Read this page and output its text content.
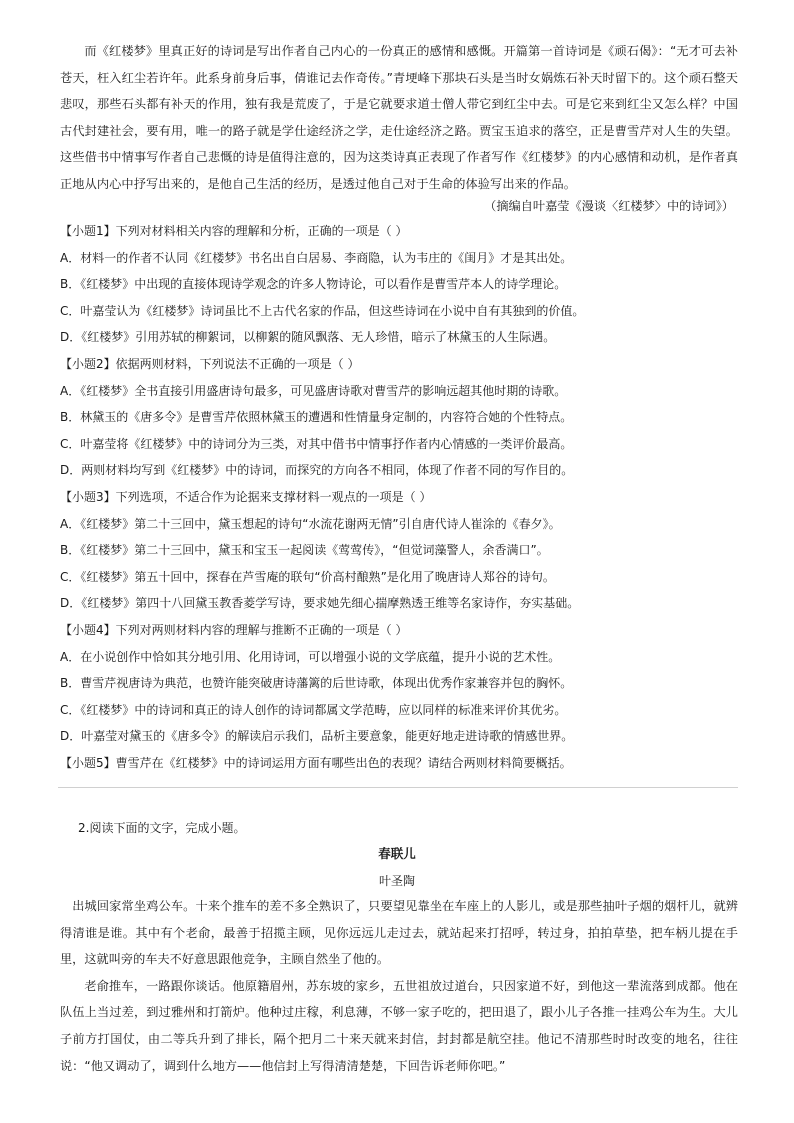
而《红楼梦》里真正好的诗词是写出作者自己内心的一份真正的感情和感慨。开篇第一首诗词是《顽石偈》：“无才可去补苍天，枉入红尘若许年。此系身前身后事，倩谁记去作奇传。”青埂峰下那块石头是当时女娲炼石补天时留下的。这个顽石整天悲叹，那些石头都有补天的作用，独有我是荒废了，于是它就要求道士僧人带它到红尘中去。可是它来到红尘又怎么样？中国古代封建社会，要有用，唯一的路子就是学仕途经济之学，走仕途经济之路。贾宝玉追求的落空，正是曹雪芹对人生的失望。这些借书中情事写作者自己悲慨的诗是值得注意的，因为这类诗真正表现了作者写作《红楼梦》的内心感情和动机，是作者真正地从内心中抒写出来的，是他自己生活的经历，是透过他自己对于生命的体验写出来的作品。
（摘编自叶嘉莹《漫谈〈红楼梦〉中的诗词》）
【小题1】下列对材料相关内容的理解和分析，正确的一项是（ ）
A．材料一的作者不认同《红楼梦》书名出自白居易、李商隐，认为韦庄的《闺月》才是其出处。
B．《红楼梦》中出现的直接体现诗学观念的许多人物诗论，可以看作是曹雪芹本人的诗学理论。
C．叶嘉莹认为《红楼梦》诗词虽比不上古代名家的作品，但这些诗词在小说中自有其独到的价值。
D．《红楼梦》引用苏轼的柳絮词，以柳絮的随风飘落、无人珍惜，暗示了林黛玉的人生际遇。
【小题2】依据两则材料，下列说法不正确的一项是（ ）
A．《红楼梦》全书直接引用盛唐诗句最多，可见盛唐诗歌对曹雪芹的影响远超其他时期的诗歌。
B．林黛玉的《唐多令》是曹雪芹依照林黛玉的遭遇和性情量身定制的，内容符合她的个性特点。
C．叶嘉莹将《红楼梦》中的诗词分为三类，对其中借书中情事抒作者内心情感的一类评价最高。
D．两则材料均写到《红楼梦》中的诗词，而探究的方向各不相同，体现了作者不同的写作目的。
【小题3】下列选项，不适合作为论据来支撑材料一观点的一项是（ ）
A．《红楼梦》第二十三回中，黛玉想起的诗句“水流花谢两无情”引自唐代诗人崔涂的《春夕》。
B．《红楼梦》第二十三回中，黛玉和宝玉一起阅读《莺莺传》，“但觉词藻警人，余香满口”。
C．《红楼梦》第五十回中，探春在芦雪庵的联句“价高村酿熟”是化用了晚唐诗人郑谷的诗句。
D．《红楼梦》第四十八回黛玉教香菱学写诗，要求她先细心揣摩熟透王维等名家诗作，夯实基础。
【小题4】下列对两则材料内容的理解与推断不正确的一项是（ ）
A．在小说创作中恰如其分地引用、化用诗词，可以增强小说的文学底蕴，提升小说的艺术性。
B．曹雪芹视唐诗为典范，也赞许能突破唐诗藩篱的后世诗歌，体现出优秀作家兼容并包的胸怀。
C．《红楼梦》中的诗词和真正的诗人创作的诗词都属文学范畴，应以同样的标准来评价其优劣。
D．叶嘉莹对黛玉的《唐多令》的解读启示我们，品析主要意象，能更好地走进诗歌的情感世界。
【小题5】曹雪芹在《红楼梦》中的诗词运用方面有哪些出色的表现？请结合两则材料简要概括。
2.阅读下面的文字，完成小题。
春联儿
叶圣陶

出城回家常坐鸡公车。十来个推车的差不多全熟识了，只要望见靠坐在车座上的人影儿，或是那些抽叶子烟的烟杆儿，就辨得清谁是谁。其中有个老俞，最善于招揽主顾，见你远远儿走过去，就站起来打招呼，转过身，拍拍草垫，把车柄儿提在手里，这就叫旁的车夫不好意思跟他竞争，主顾自然坐了他的。

老俞推车，一路跟你谈话。他原籍眉州，苏东坡的家乡，五世祖放过道台，只因家道不好，到他这一辈流落到成都。他在队伍上当过差，到过雅州和打箭炉。他种过庄稼，利息薄，不够一家子吃的，把田退了，跟小儿子各推一挂鸡公车为生。大儿子前方打国仗，由二等兵升到了排长，隔个把月二十来天就来封信，封封都是航空挂。他记不清那些时时改变的地名，往往说：“他又调动了，调到什么地方——他信封上写得清清楚楚，下回告诉老师你吧。”
